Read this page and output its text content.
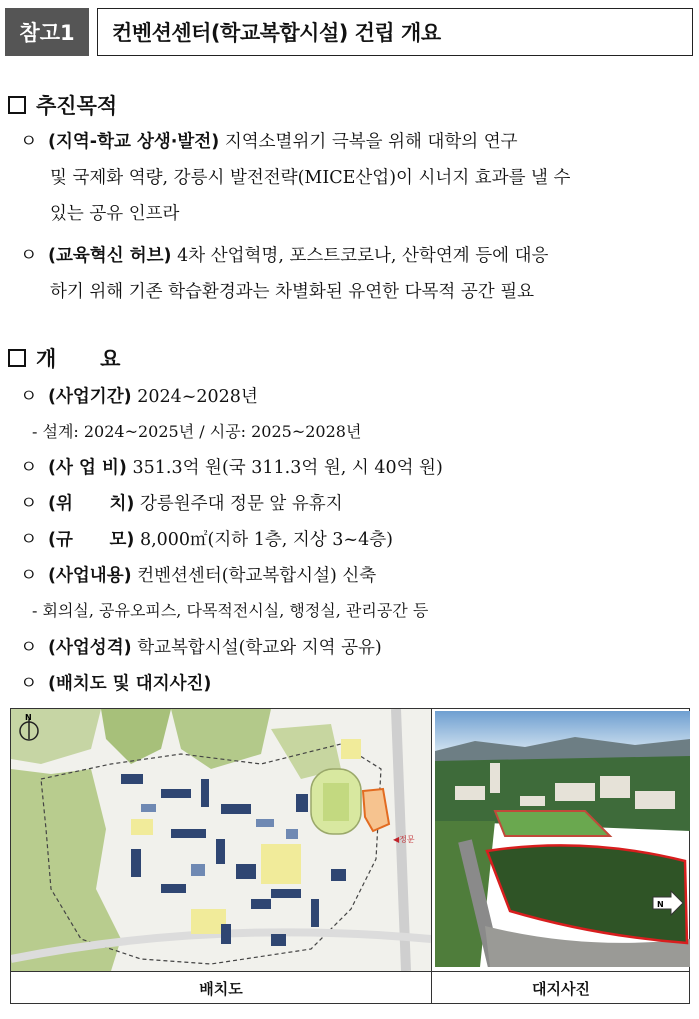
참고1	컨벤션센터(학교복합시설) 건립 개요
추진목적
ㅇ (지역-학교 상생·발전) 지역소멸위기 극복을 위해 대학의 연구
및 국제화 역량, 강릉시 발전전략(MICE산업)이 시너지 효과를 낼 수
있는 공유 인프라
ㅇ (교육혁신 허브) 4차 산업혁명, 포스트코로나, 산학연계 등에 대응
하기 위해 기존 학습환경과는 차별화된 유연한 다목적 공간 필요
개      요
ㅇ (사업기간) 2024~2028년
- 설계: 2024~2025년 / 시공: 2025~2028년
ㅇ (사 업 비) 351.3억 원(국 311.3억 원, 시 40억 원)
ㅇ (위      치) 강릉원주대 정문 앞 유휴지
ㅇ (규      모) 8,000㎡(지하 1층, 지상 3~4층)
ㅇ (사업내용) 컨벤션센터(학교복합시설) 신축
- 회의실, 공유오피스, 다목적전시실, 행정실, 관리공간 등
ㅇ (사업성격) 학교복합시설(학교와 지역 공유)
ㅇ (배치도 및 대지사진)
◀정문
N
배치도
N
대지사진
